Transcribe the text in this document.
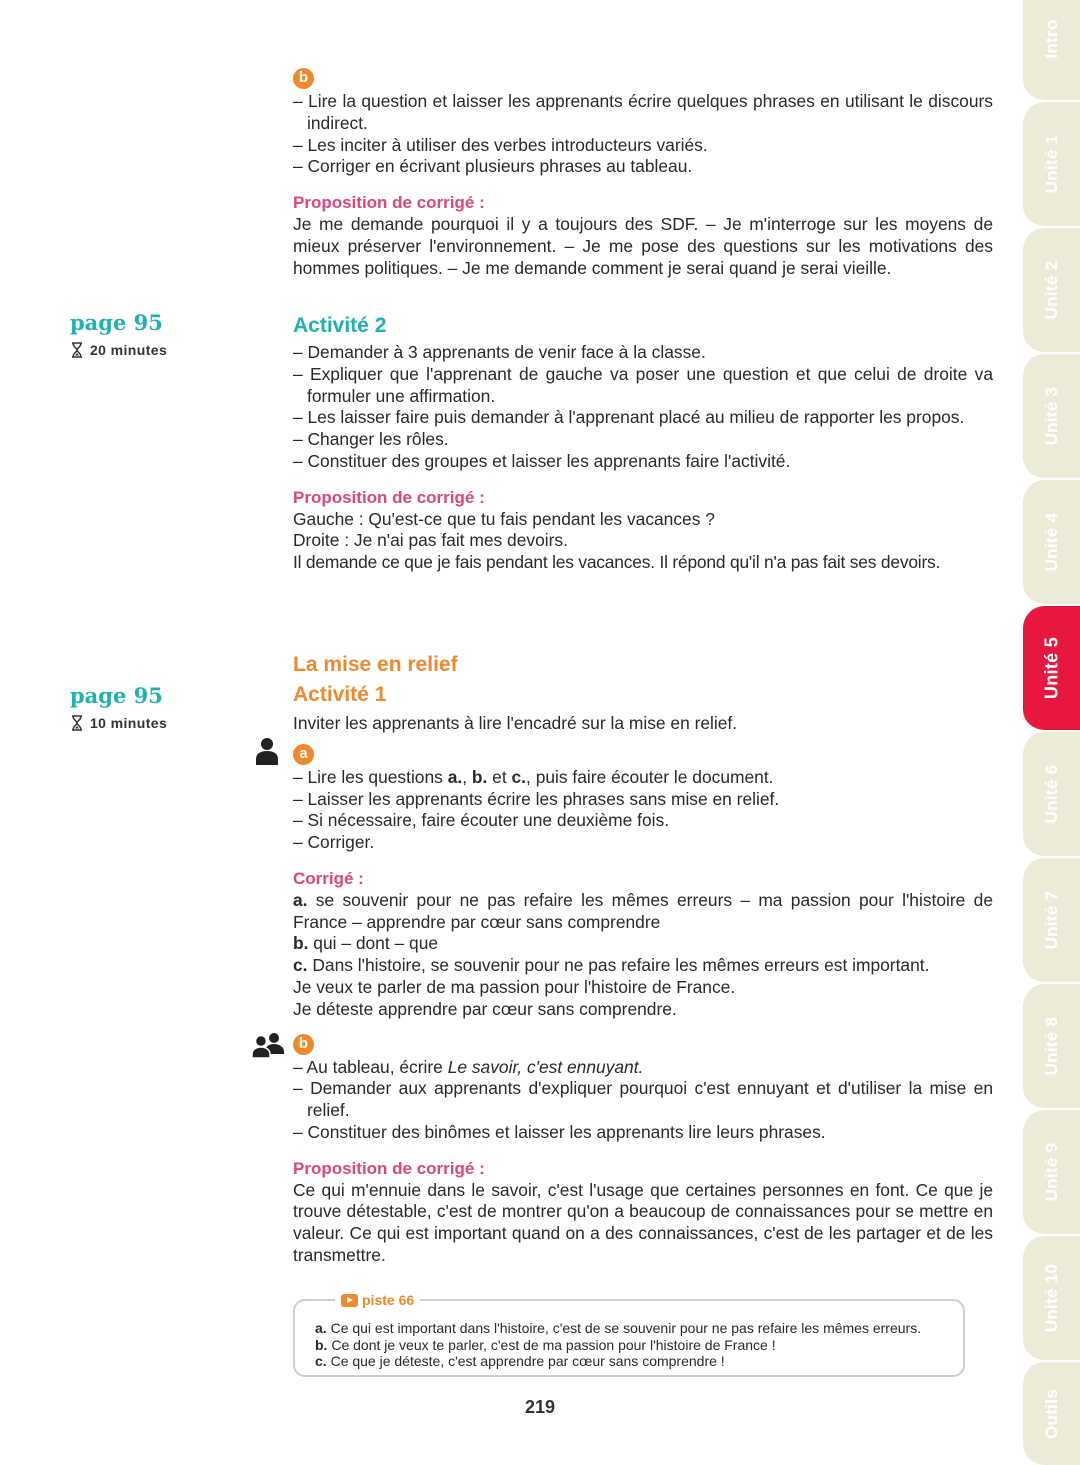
b

– Lire la question et laisser les apprenants écrire quelques phrases en utilisant le discours indirect.

– Les inciter à utiliser des verbes introducteurs variés.

– Corriger en écrivant plusieurs phrases au tableau.

Proposition de corrigé :

Je me demande pourquoi il y a toujours des SDF. – Je m'interroge sur les moyens de mieux préserver l'environnement. – Je me pose des questions sur les motivations des hommes politiques. – Je me demande comment je serai quand je serai vieille.

page 95
20 minutes

Activité 2

– Demander à 3 apprenants de venir face à la classe.

– Expliquer que l'apprenant de gauche va poser une question et que celui de droite va formuler une affirmation.

– Les laisser faire puis demander à l'apprenant placé au milieu de rapporter les propos.

– Changer les rôles.

– Constituer des groupes et laisser les apprenants faire l'activité.

Proposition de corrigé :

Gauche : Qu'est-ce que tu fais pendant les vacances ?

Droite : Je n'ai pas fait mes devoirs.

Il demande ce que je fais pendant les vacances. Il répond qu'il n'a pas fait ses devoirs.

page 95
10 minutes

La mise en relief

Activité 1

Inviter les apprenants à lire l'encadré sur la mise en relief.

a

– Lire les questions a., b. et c., puis faire écouter le document.

– Laisser les apprenants écrire les phrases sans mise en relief.

– Si nécessaire, faire écouter une deuxième fois.

– Corriger.

Corrigé :

a. se souvenir pour ne pas refaire les mêmes erreurs – ma passion pour l'histoire de France – apprendre par cœur sans comprendre

b. qui – dont – que

c. Dans l'histoire, se souvenir pour ne pas refaire les mêmes erreurs est important.

Je veux te parler de ma passion pour l'histoire de France.

Je déteste apprendre par cœur sans comprendre.

b

– Au tableau, écrire Le savoir, c'est ennuyant.

– Demander aux apprenants d'expliquer pourquoi c'est ennuyant et d'utiliser la mise en relief.

– Constituer des binômes et laisser les apprenants lire leurs phrases.

Proposition de corrigé :

Ce qui m'ennuie dans le savoir, c'est l'usage que certaines personnes en font. Ce que je trouve détestable, c'est de montrer qu'on a beaucoup de connaissances pour se mettre en valeur. Ce qui est important quand on a des connaissances, c'est de les partager et de les transmettre.

piste 66

a. Ce qui est important dans l'histoire, c'est de se souvenir pour ne pas refaire les mêmes erreurs.

b. Ce dont je veux te parler, c'est de ma passion pour l'histoire de France !

c. Ce que je déteste, c'est apprendre par cœur sans comprendre !

219
Intro
Unité 1
Unité 2
Unité 3
Unité 4
Unité 5
Unité 6
Unité 7
Unité 8
Unité 9
Unité 10
Outils
